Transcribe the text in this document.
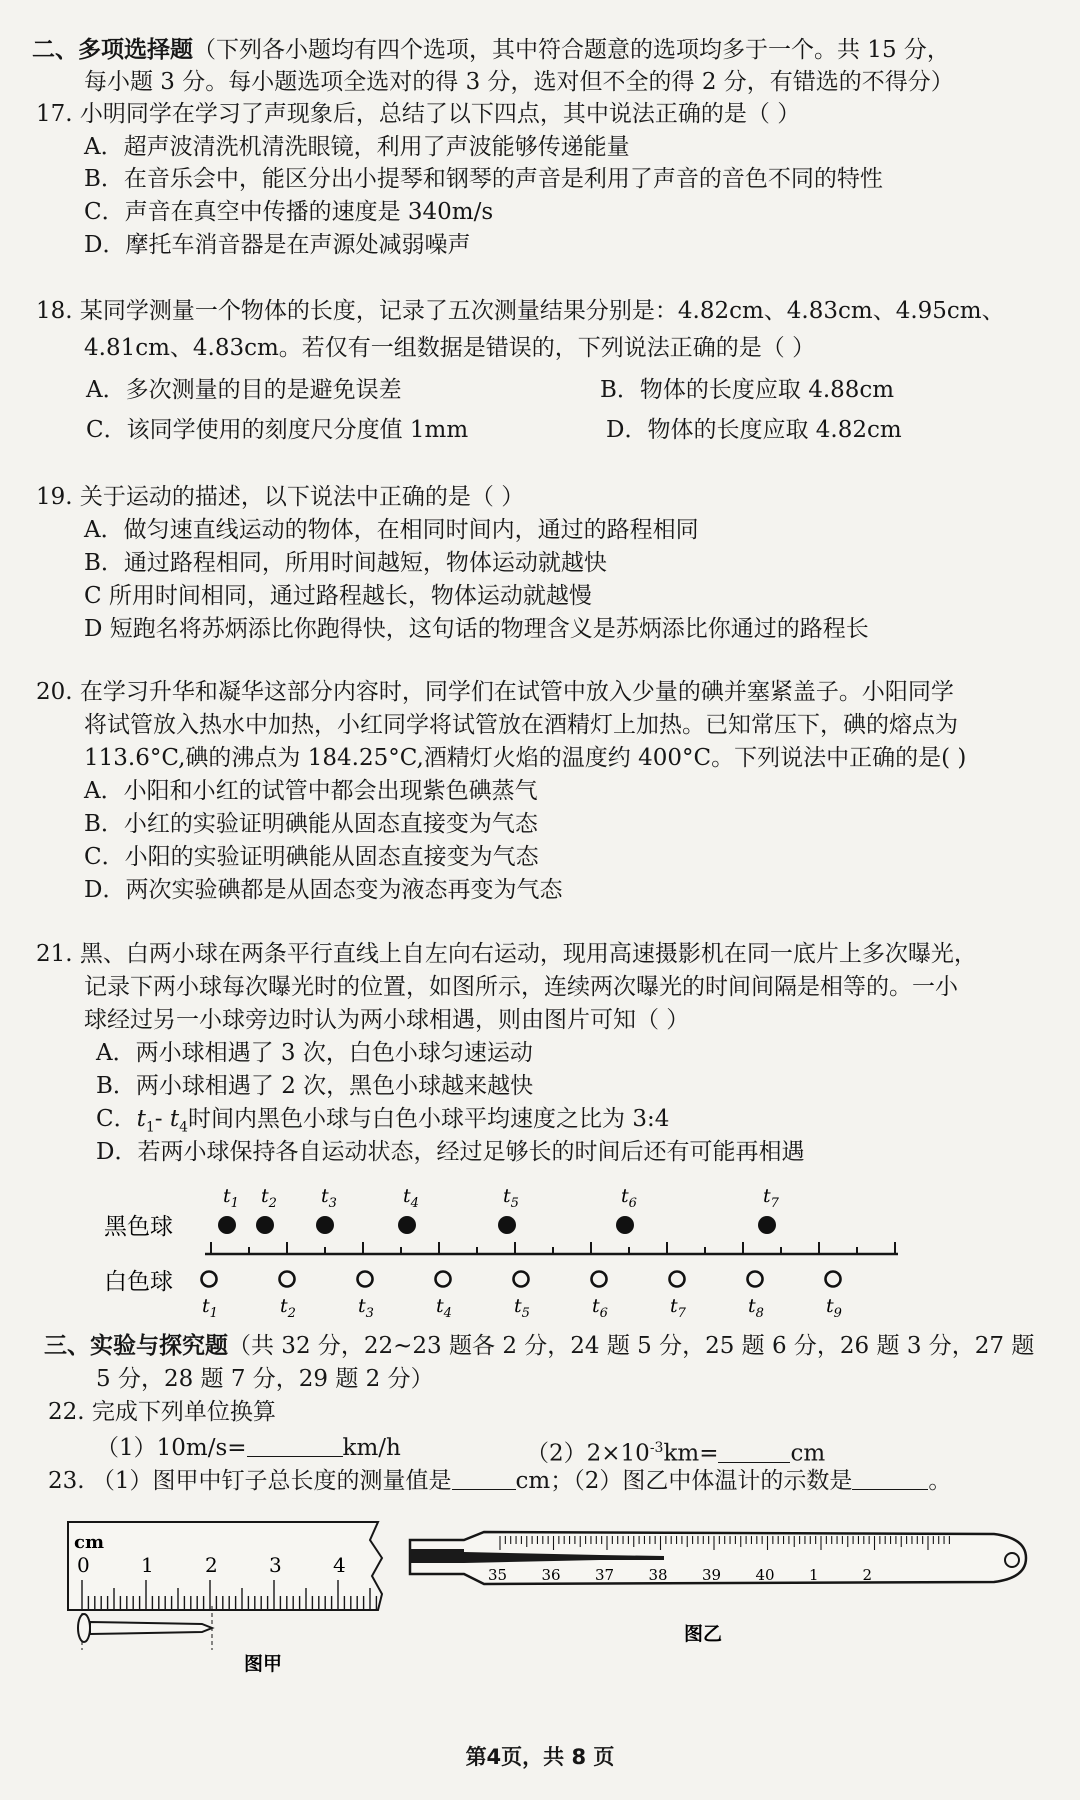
二、多项选择题（下列各小题均有四个选项，其中符合题意的选项均多于一个。共 15 分，
每小题 3 分。每小题选项全选对的得 3 分，选对但不全的得 2 分，有错选的不得分）
17. 小明同学在学习了声现象后，总结了以下四点，其中说法正确的是（ ）
A．超声波清洗机清洗眼镜，利用了声波能够传递能量
B．在音乐会中，能区分出小提琴和钢琴的声音是利用了声音的音色不同的特性
C．声音在真空中传播的速度是 340m/s
D．摩托车消音器是在声源处减弱噪声
18. 某同学测量一个物体的长度，记录了五次测量结果分别是：4.82cm、4.83cm、4.95cm、
4.81cm、4.83cm。若仅有一组数据是错误的，下列说法正确的是（ ）
A．多次测量的目的是避免误差	B．物体的长度应取 4.88cm
C．该同学使用的刻度尺分度值 1mm	D．物体的长度应取 4.82cm
19. 关于运动的描述，以下说法中正确的是（ ）
A．做匀速直线运动的物体，在相同时间内，通过的路程相同
B．通过路程相同，所用时间越短，物体运动就越快
C 所用时间相同，通过路程越长，物体运动就越慢
D 短跑名将苏炳添比你跑得快，这句话的物理含义是苏炳添比你通过的路程长
20. 在学习升华和凝华这部分内容时，同学们在试管中放入少量的碘并塞紧盖子。小阳同学
将试管放入热水中加热，小红同学将试管放在酒精灯上加热。已知常压下，碘的熔点为
113.6°C,碘的沸点为 184.25°C,酒精灯火焰的温度约 400°C。下列说法中正确的是( )
A．小阳和小红的试管中都会出现紫色碘蒸气
B．小红的实验证明碘能从固态直接变为气态
C．小阳的实验证明碘能从固态直接变为气态
D．两次实验碘都是从固态变为液态再变为气态
21. 黑、白两小球在两条平行直线上自左向右运动，现用高速摄影机在同一底片上多次曝光，
记录下两小球每次曝光时的位置，如图所示，连续两次曝光的时间间隔是相等的。一小
球经过另一小球旁边时认为两小球相遇，则由图片可知（ ）
A．两小球相遇了 3 次，白色小球匀速运动
B．两小球相遇了 2 次，黑色小球越来越快
C．$t_1-$ $t_4$时间内黑色小球与白色小球平均速度之比为 3:4
D．若两小球保持各自运动状态，经过足够长的时间后还有可能再相遇
黑色球
白色球
$t_1$ $t_2$ $t_3$	$t_4$	$t_5$	$t_6$	$t_7$
$t_1$	$t_2$	$t_3$	$t_4$	$t_5$	$t_6$	$t_7$	$t_8$	$t_9$
三、实验与探究题（共 32 分，22~23 题各 2 分，24 题 5 分，25 题 6 分，26 题 3 分，27 题
5 分，28 题 7 分，29 题 2 分）
22. 完成下列单位换算
（1）10m/s=	km/h	$(2)2\times 10^{-3}km=$	cm
23. （1）图甲中钉子总长度的测量值是	cm；（2）图乙中体温计的示数是	。
cm
0	1	2	3	4
图甲
35 36 37 38 39 40 1	2
图乙
第4页，共 8 页
